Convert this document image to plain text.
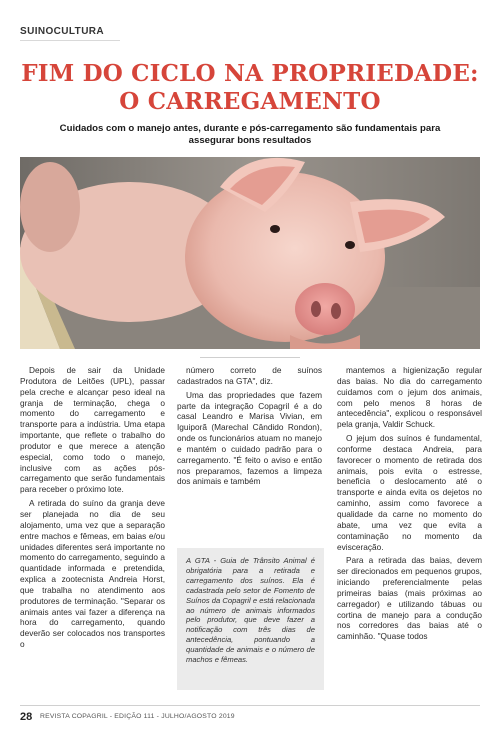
SUINOCULTURA
FIM DO CICLO NA PROPRIEDADE:
O CARREGAMENTO
Cuidados com o manejo antes, durante e pós-carregamento são fundamentais para assegurar bons resultados

Depois de sair da Unidade Produtora de Leitões (UPL), passar pela creche e alcançar peso ideal na granja de terminação, chega o momento do carregamento e transporte para a indústria. Uma etapa importante, que reflete o trabalho do produtor e que merece a atenção especial, como todo o manejo, inclusive com as ações pós-carregamento que serão fundamentais para receber o próximo lote.

A retirada do suíno da granja deve ser planejada no dia de seu alojamento, uma vez que a separação entre machos e fêmeas, em baias e/ou unidades diferentes será importante no momento do carregamento, seguindo a quantidade informada e pretendida, explica a zootecnista Andreia Horst, que trabalha no atendimento aos produtores de terminação. "Separar os animais antes vai fazer a diferença na hora do carregamento, quando deverão ser colocados nos transportes o

número correto de suínos cadastrados na GTA", diz.

Uma das propriedades que fazem parte da integração Copagril é a do casal Leandro e Marisa Vivian, em Iguiporã (Marechal Cândido Rondon), onde os funcionários atuam no manejo e mantém o cuidado padrão para o carregamento. "É feito o aviso e então nos preparamos, fazemos a limpeza dos animais e também

A GTA - Guia de Trânsito Animal é obrigatória para a retirada e carregamento dos suínos. Ela é cadastrada pelo setor de Fomento de Suínos da Copagril e está relacionada ao número de animais informados pelo produtor, que deve fazer a notificação com três dias de antecedência, pontuando a quantidade de animais e o número de machos e fêmeas.

mantemos a higienização regular das baias. No dia do carregamento cuidamos com o jejum dos animais, com pelo menos 8 horas de antecedência", explicou o responsável pela granja, Valdir Schuck.

O jejum dos suínos é fundamental, conforme destaca Andreia, para favorecer o momento de retirada dos animais, pois evita o estresse, beneficia o deslocamento até o transporte e ainda evita os dejetos no caminho, assim como favorece a qualidade da carne no momento do abate, uma vez que evita a contaminação no momento da evisceração.

Para a retirada das baias, devem ser direcionados em pequenos grupos, iniciando preferencialmente pelas primeiras baias (mais próximas ao carregador) e utilizando tábuas ou cortina de manejo para a condução nos corredores das baias até o caminhão. "Quase todos

28 REVISTA COPAGRIL - EDIÇÃO 111 - JULHO/AGOSTO 2019
